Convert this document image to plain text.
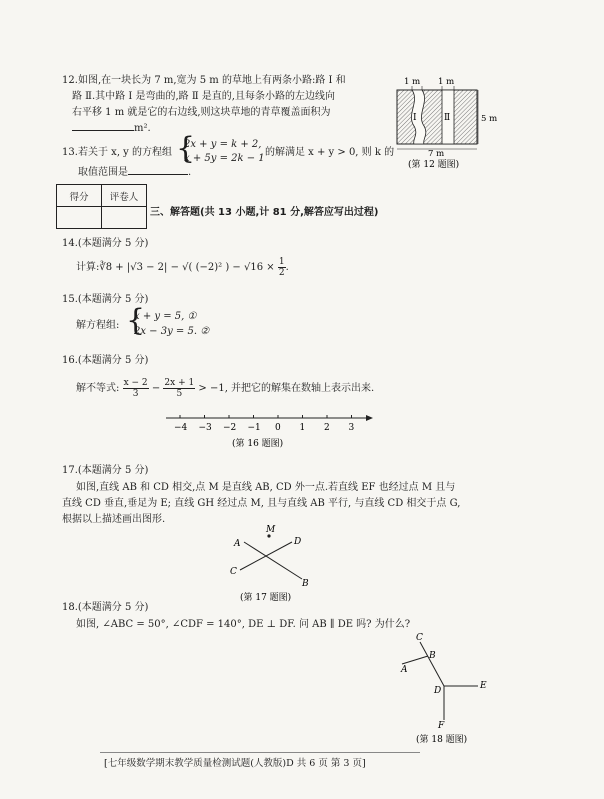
12. 如图,在一块长为 7 m,宽为 5 m 的草地上有两条小路:路 Ⅰ 和
路 Ⅱ.其中路 Ⅰ 是弯曲的,路 Ⅱ 是直的,且每条小路的左边线向
右平移 1 m 就是它的右边线,则这块草地的青草覆盖面积为
m².
Ⅰ	Ⅱ
1 m 1 m
5 m
7 m
(第 12 题图)
13. 若关于 x, y 的方程组 {
2x + y = k + 2,
x + 5y = 2k − 1
的解满足 x + y > 0, 则 k 的
取值范围是	.
得分	评卷人

三、解答题(共 13 小题,计 81 分,解答应写出过程)
14.(本题满分 5 分)
计算:∛8 + |√3 − 2| − √( (−2)² ) − $√16 \times \frac{1}{2}$ .
15.(本题满分 5 分)
解方程组: {
x + y = 5, ①
2x − 3y = 5. ②
16.(本题满分 5 分)
解不等式: $\frac{x - 2}{3} - \frac{2x + 1}{5} > -1$, 并把它的解集在数轴上表示出来.
−4 −3 −2 −1 0 1 2 3
(第 16 题图)
17.(本题满分 5 分)
如图,直线 AB 和 CD 相交,点 M 是直线 AB, CD 外一点.若直线 EF 也经过点 M 且与
直线 CD 垂直,垂足为 E; 直线 GH 经过点 M, 且与直线 AB 平行, 与直线 CD 相交于点 G,
根据以上描述画出图形.
M
A	D
C
B
(第 17 题图)
18.(本题满分 5 分)
如图, ∠ABC = 50°, ∠CDF = 140°, DE ⊥ DF. 问 AB ∥ DE 吗? 为什么?
C
B
A
D	E
F
(第 18 题图)
[七年级数学期末教学质量检测试题(人教版)D 共 6 页 第 3 页]
